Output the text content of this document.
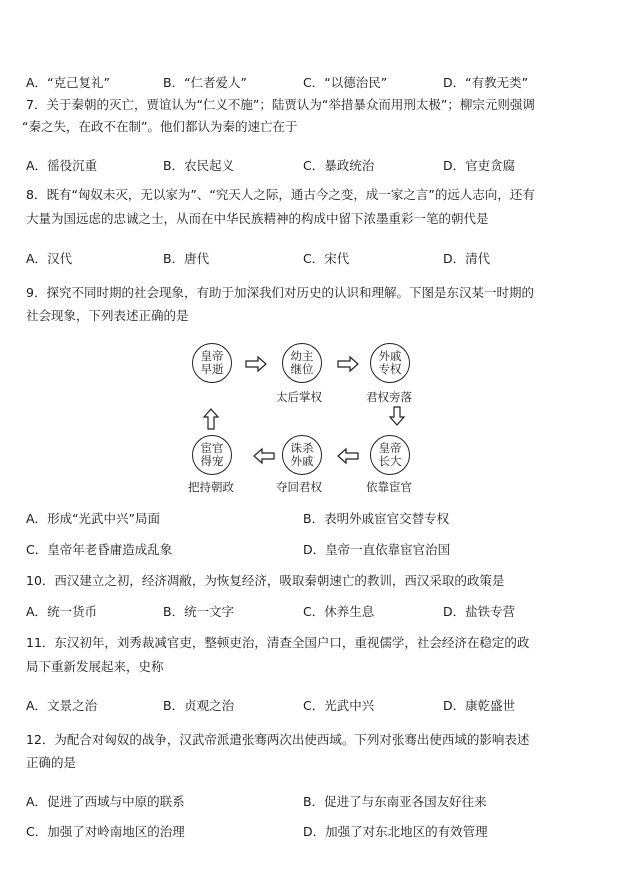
A．“克己复礼”	B．“仁者爱人”	C．“以德治民”	D．“有教无类”
7．关于秦朝的灭亡，贾谊认为“仁义不施”；陆贾认为“举措暴众而用刑太极”；柳宗元则强调
“秦之失，在政不在制”。他们都认为秦的速亡在于
A．徭役沉重	B．农民起义	C．暴政统治	D．官吏贪腐
8．既有“匈奴未灭，无以家为”、“究天人之际，通古今之变，成一家之言”的远人志向，还有
大量为国远虑的忠诚之士，从而在中华民族精神的构成中留下浓墨重彩一笔的朝代是
A．汉代	B．唐代	C．宋代	D．清代
9．探究不同时期的社会现象，有助于加深我们对历史的认识和理解。下图是东汉某一时期的
社会现象，下列表述正确的是
皇帝
早逝
幼主
继位
太后掌权
外戚
专权
君权旁落
皇帝
长大
依靠宦官
诛杀
外戚
夺回君权
宦官
得宠
把持朝政
A．形成“光武中兴”局面	B．表明外戚宦官交替专权
C．皇帝年老昏庸造成乱象	D．皇帝一直依靠宦官治国
10．西汉建立之初，经济凋敝，为恢复经济，吸取秦朝速亡的教训，西汉采取的政策是
A．统一货币	B．统一文字	C．休养生息	D．盐铁专营
11．东汉初年，刘秀裁减官吏，整顿吏治，清查全国户口，重视儒学，社会经济在稳定的政
局下重新发展起来，史称
A．文景之治	B．贞观之治	C．光武中兴	D．康乾盛世
12．为配合对匈奴的战争，汉武帝派遣张骞两次出使西域。下列对张骞出使西域的影响表述
正确的是
A．促进了西域与中原的联系	B．促进了与东南亚各国友好往来
C．加强了对岭南地区的治理	D．加强了对东北地区的有效管理
